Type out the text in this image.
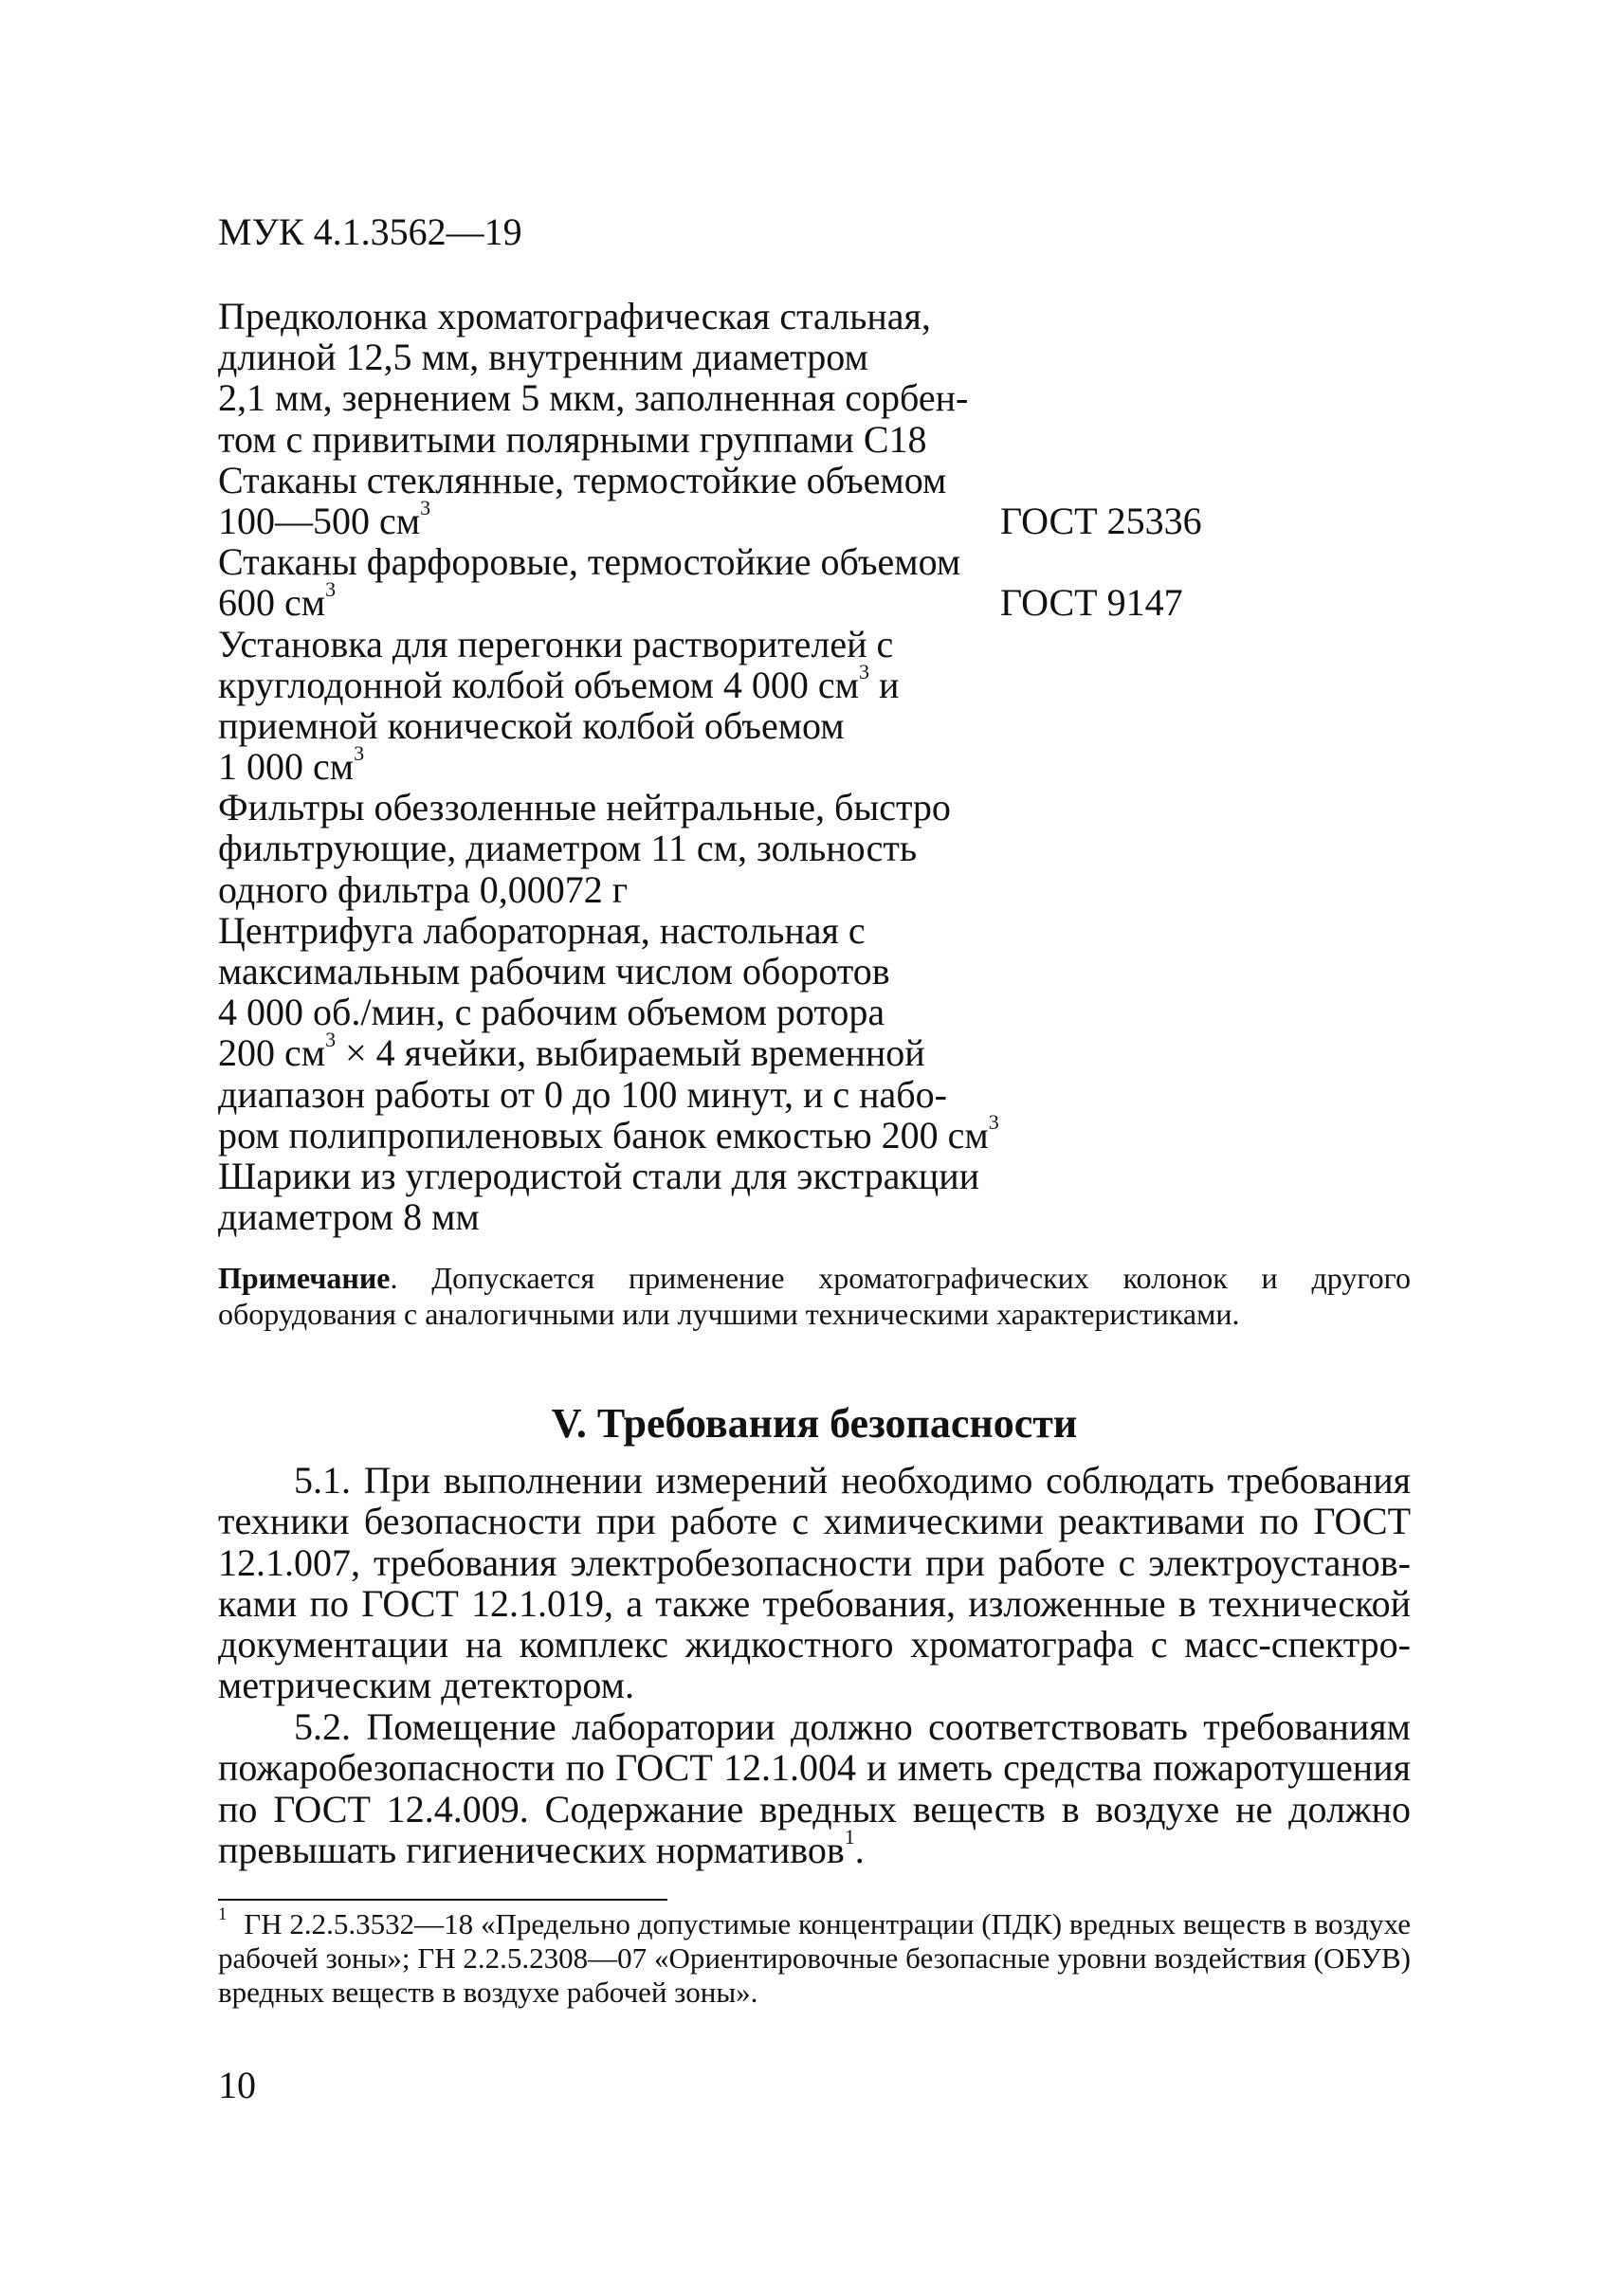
МУК 4.1.3562—19
Предколонка хроматографическая стальная,
длиной 12,5 мм, внутренним диаметром
2,1 мм, зернением 5 мкм, заполненная сорбен-
том с привитыми полярными группами C18
Стаканы стеклянные, термостойкие объемом
100—500 $см^3$	ГОСТ 25336
Стаканы фарфоровые, термостойкие объемом
600 $см^3$	ГОСТ 9147
Установка для перегонки растворителей с
круглодонной колбой объемом 4 000 $см^3$ и
приемной конической колбой объемом
1 000 $см^3$
Фильтры обеззоленные нейтральные, быстро
фильтрующие, диаметром 11 см, зольность
одного фильтра 0,00072 г
Центрифуга лабораторная, настольная с
максимальным рабочим числом оборотов
4 000 об./мин, с рабочим объемом ротора
200 $см^3 \times 4$ ячейки, выбираемый временной
диапазон работы от 0 до 100 минут, и с набо-
ром полипропиленовых банок емкостью 200 $см^3$
Шарики из углеродистой стали для экстракции
диаметром 8 мм

Примечание. Допускается применение хроматографических колонок и другого оборудования с аналогичными или лучшими техническими характеристиками.

V. Требования безопасности

5.1. При выполнении измерений необходимо соблюдать требования техники безопасности при работе с химическими реактивами по ГОСТ 12.1.007, требования электробезопасности при работе с электроустановками по ГОСТ 12.1.019, а также требования, изложенные в технической документации на комплекс жидкостного хроматографа с масс-спектрометрическим детектором.

5.2. Помещение лаборатории должно соответствовать требованиям пожаробезопасности по ГОСТ 12.1.004 и иметь средства пожаротушения по ГОСТ 12.4.009. Содержание вредных веществ в воздухе не должно превышать гигиенических нормативов$^1$.

$^1$ ГН 2.2.5.3532—18 «Предельно допустимые концентрации (ПДК) вредных веществ в воздухе рабочей зоны»; ГН 2.2.5.2308—07 «Ориентировочные безопасные уровни воздействия (ОБУВ) вредных веществ в воздухе рабочей зоны».

10
